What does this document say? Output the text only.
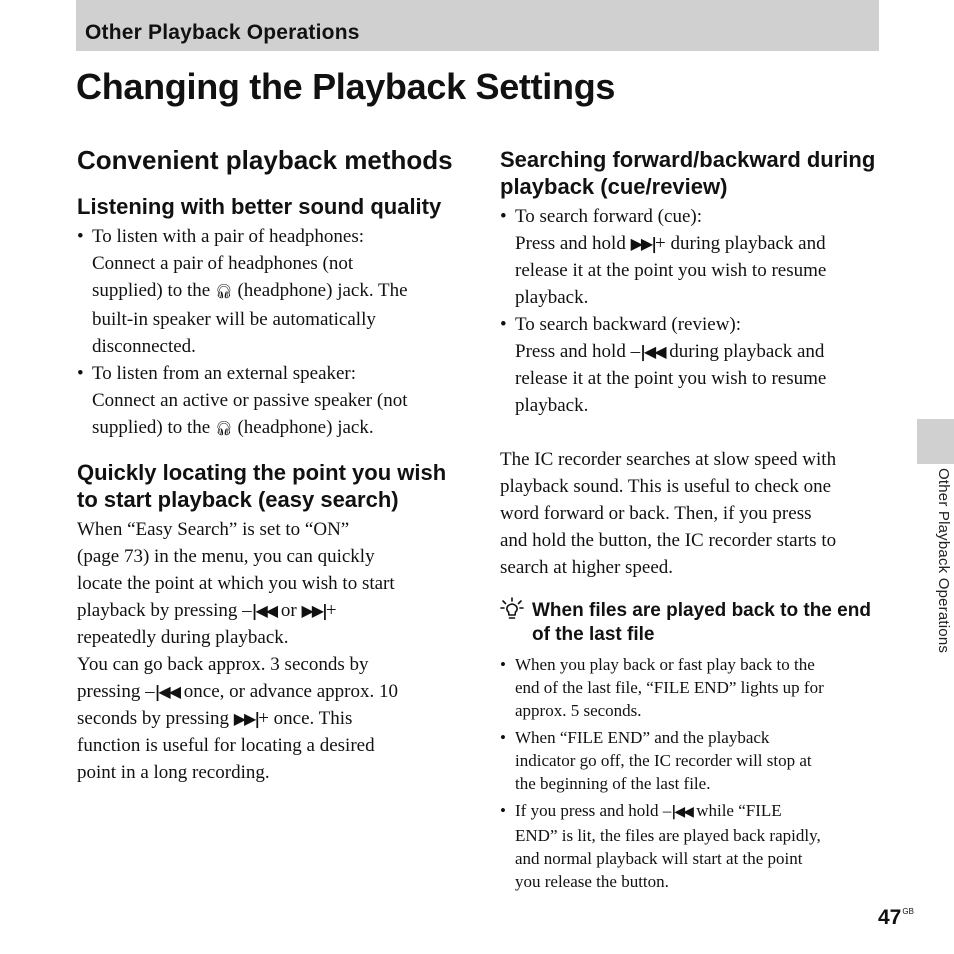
Other Playback Operations
Changing the Playback Settings
Convenient playback methods
Listening with better sound quality
• To listen with a pair of headphones:
Connect a pair of headphones (not
supplied) to the 🎧︎ (headphone) jack. The
built-in speaker will be automatically
disconnected.
• To listen from an external speaker:
Connect an active or passive speaker (not
supplied) to the 🎧︎ (headphone) jack.
Quickly locating the point you wish to start playback (easy search)

When “Easy Search” is set to “ON”
(page 73) in the menu, you can quickly
locate the point at which you wish to start
playback by pressing –|◀◀ or ▶▶|+
repeatedly during playback.

You can go back approx. 3 seconds by
pressing –|◀◀ once, or advance approx. 10
seconds by pressing ▶▶|+ once. This
function is useful for locating a desired
point in a long recording.

Searching forward/backward during playback (cue/review)
• To search forward (cue):
Press and hold ▶▶|+ during playback and
release it at the point you wish to resume
playback.
• To search backward (review):
Press and hold –|◀◀ during playback and
release it at the point you wish to resume
playback.

The IC recorder searches at slow speed with
playback sound. This is useful to check one
word forward or back. Then, if you press
and hold the button, the IC recorder starts to
search at higher speed.

When files are played back to the end of the last file
• When you play back or fast play back to the
end of the last file, “FILE END” lights up for
approx. 5 seconds.
• When “FILE END” and the playback
indicator go off, the IC recorder will stop at
the beginning of the last file.
• If you press and hold –|◀◀ while “FILE
END” is lit, the files are played back rapidly,
and normal playback will start at the point
you release the button.
Other Playback Operations
$47^{GB}$
